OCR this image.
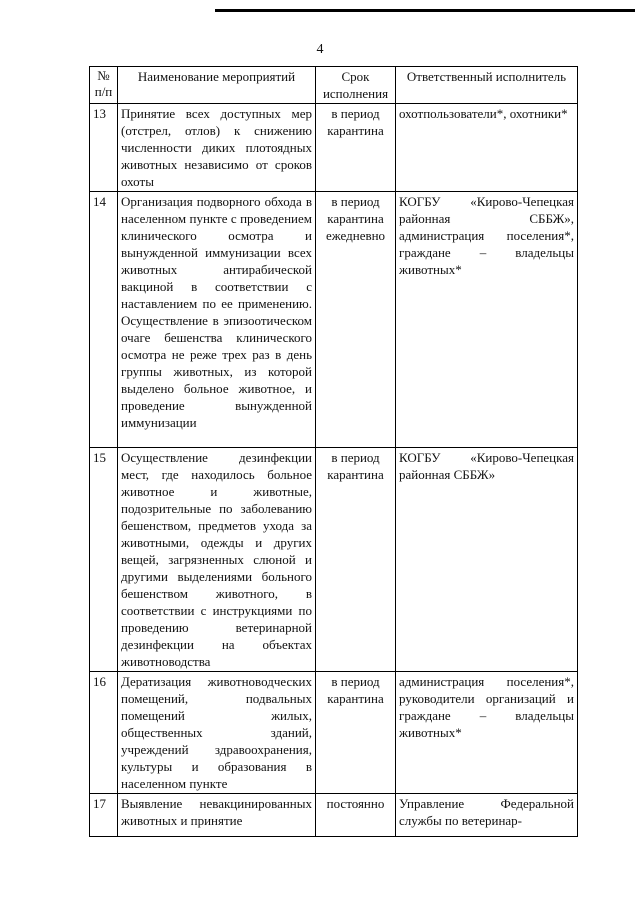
4
№ п/п	Наименование мероприятий	Срок исполнения	Ответственный исполнитель
13	Принятие всех доступных мер (отстрел, отлов) к снижению численности диких плотоядных животных независимо от сроков охоты	в период карантина	охотпользователи*, охотники*
14	Организация подворного обхода в населенном пункте с проведением клинического осмотра и вынужденной иммунизации всех животных антирабической вакциной в соответствии с наставлением по ее применению. Осуществление в эпизоотическом очаге бешенства клинического осмотра не реже трех раз в день группы животных, из которой выделено больное животное, и проведение вынужденной иммунизации	в период карантина ежедневно	КОГБУ «Кирово-Чепецкая районная СББЖ», администрация поселения*, граждане – владельцы животных*
15	Осуществление дезинфекции мест, где находилось больное животное и животные, подозрительные по заболеванию бешенством, предметов ухода за животными, одежды и других вещей, загрязненных слюной и другими выделениями больного бешенством животного, в соответствии с инструкциями по проведению ветеринарной дезинфекции на объектах животноводства	в период карантина	КОГБУ «Кирово-Чепецкая районная СББЖ»
16	Дератизация животноводческих помещений, подвальных помещений жилых, общественных зданий, учреждений здравоохранения, культуры и образования в населенном пункте	в период карантина	администрация поселения*, руководители организаций и граждане – владельцы животных*
17	Выявление невакцинированных животных и принятие	постоянно	Управление Федеральной службы по ветеринар-
